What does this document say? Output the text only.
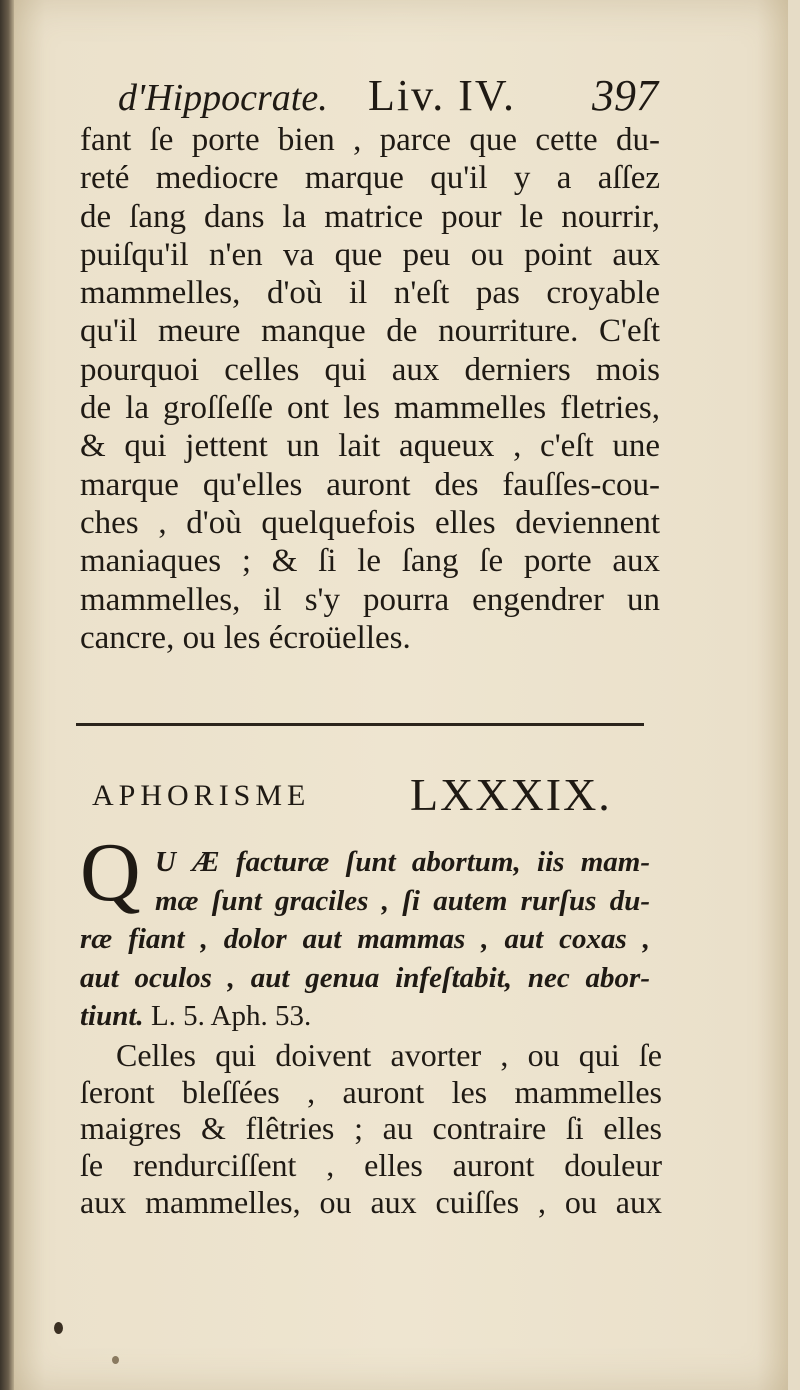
d'Hippocrate. Liv. IV. 397
fant ſe porte bien , parce que cette du-
reté mediocre marque qu'il y a aſſez
de ſang dans la matrice pour le nourrir,
puiſqu'il n'en va que peu ou point aux
mammelles, d'où il n'eſt pas croyable
qu'il meure manque de nourriture. C'eſt
pourquoi celles qui aux derniers mois
de la groſſeſſe ont les mammelles fletries,
& qui jettent un lait aqueux , c'eſt une
marque qu'elles auront des fauſſes-cou-
ches , d'où quelquefois elles deviennent
maniaques ; & ſi le ſang ſe porte aux
mammelles, il s'y pourra engendrer un
cancre, ou les écroüelles.
APHORISME LXXXIX.
Q U Æ facturæ ſunt abortum, iis mam-
mæ ſunt graciles , ſi autem rurſus du-
ræ fiant , dolor aut mammas , aut coxas ,
aut oculos , aut genua infeſtabit, nec abor-
tiunt. L. 5. Aph. 53.
Celles qui doivent avorter , ou qui ſe
ſeront bleſſées , auront les mammelles
maigres & flêtries ; au contraire ſi elles
ſe rendurciſſent , elles auront douleur
aux mammelles, ou aux cuiſſes , ou aux
